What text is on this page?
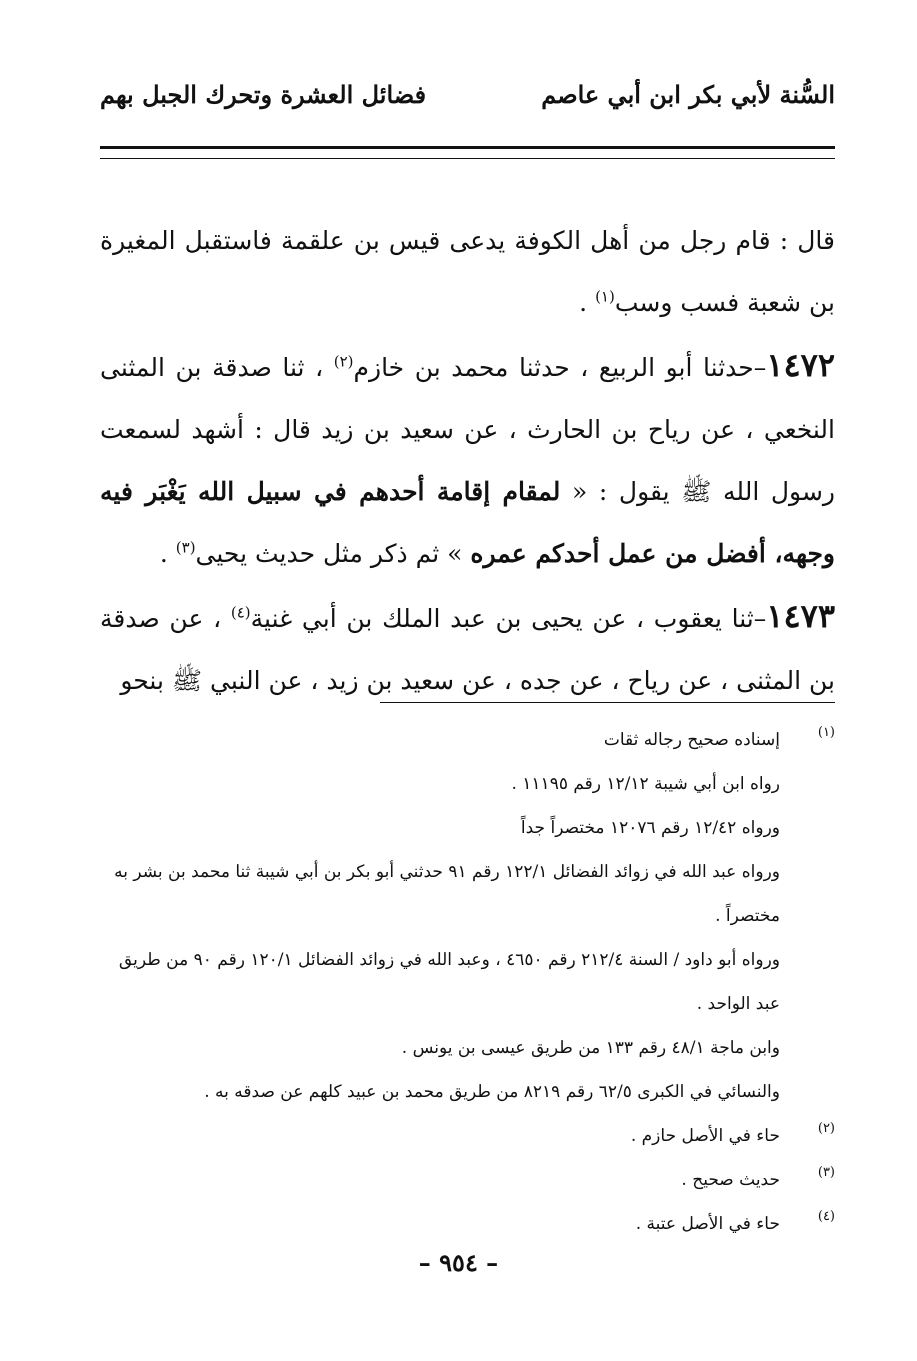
السُّنة لأبي بكر ابن أبي عاصم
فضائل العشرة وتحرك الجبل بهم

قال : قام رجل من أهل الكوفة يدعى قيس بن علقمة فاستقبل المغيرة بن شعبة فسب وسب$^{(١)}$ .

١٤٧٢–حدثنا أبو الربيع ، حدثنا محمد بن خازم$^{(٢)}$ ، ثنا صدقة بن المثنى النخعي ، عن رياح بن الحارث ، عن سعيد بن زيد قال : أشهد لسمعت رسول الله ﷺ يقول : « لمقام إقامة أحدهم في سبيل الله يَغْبَر فيه وجهه، أفضل من عمل أحدكم عمره » ثم ذكر مثل حديث يحيى$^{(٣)}$ .

١٤٧٣–ثنا يعقوب ، عن يحيى بن عبد الملك بن أبي غنية$^{(٤)}$ ، عن صدقة بن المثنى ، عن رياح ، عن جده ، عن سعيد بن زيد ، عن النبي ﷺ بنحو

(١)
إسناده صحيح رجاله ثقات
رواه ابن أبي شيبة ١٢/١٢ رقم ١١١٩٥ .
ورواه ١٢/٤٢ رقم ١٢٠٧٦ مختصراً جداً
ورواه عبد الله في زوائد الفضائل ١٢٢/١ رقم ٩١ حدثني أبو بكر بن أبي شيبة ثنا محمد بن بشر به مختصراً .
ورواه أبو داود / السنة ٢١٢/٤ رقم ٤٦٥٠ ، وعبد الله في زوائد الفضائل ١٢٠/١ رقم ٩٠ من طريق عبد الواحد .
وابن ماجة ٤٨/١ رقم ١٣٣ من طريق عيسى بن يونس .
والنسائي في الكبرى ٦٢/٥ رقم ٨٢١٩ من طريق محمد بن عبيد كلهم عن صدقه به .
(٢)
حاء في الأصل حازم .
(٣)
حديث صحيح .
(٤)
حاء في الأصل عتبة .
– ٩٥٤ –
